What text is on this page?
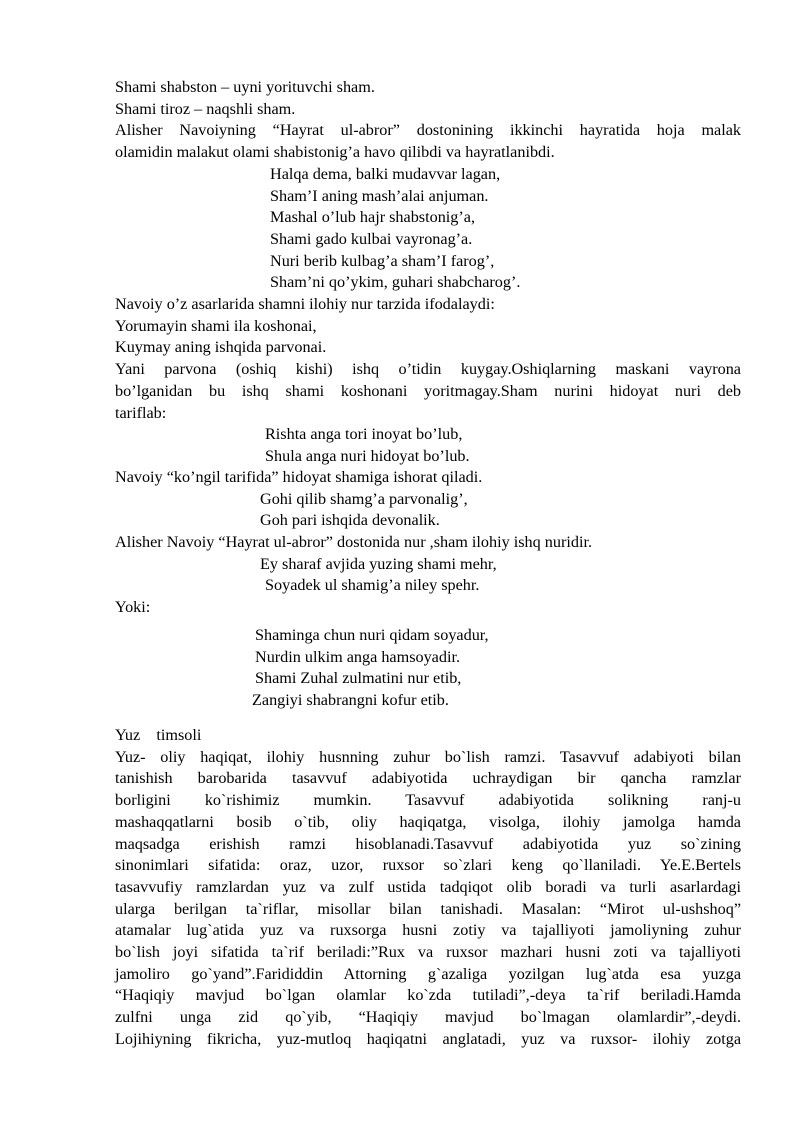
Shami shabston – uyni yorituvchi sham.
Shami tiroz – naqshli sham.
Alisher Navoiyning “Hayrat ul-abror” dostonining ikkinchi hayratida hoja malak
olamidin malakut olami shabistonig’a havo qilibdi va hayratlanibdi.
Halqa dema, balki mudavvar lagan,
Sham’I aning mash’alai anjuman.
Mashal o’lub hajr shabstonig’a,
Shami gado kulbai vayronag’a.
Nuri berib kulbag’a sham’I farog’,
Sham’ni qo’ykim, guhari shabcharog’.
Navoiy o’z asarlarida shamni ilohiy nur tarzida ifodalaydi:
Yorumayin shami ila koshonai,
Kuymay aning ishqida parvonai.
Yani parvona (oshiq kishi) ishq o’tidin kuygay.Oshiqlarning maskani vayrona
bo’lganidan bu ishq shami koshonani yoritmagay.Sham nurini hidoyat nuri deb
tariflab:
Rishta anga tori inoyat bo’lub,
Shula anga nuri hidoyat bo’lub.
Navoiy “ko’ngil tarifida” hidoyat shamiga ishorat qiladi.
Gohi qilib shamg’a parvonalig’,
Goh pari ishqida devonalik.
Alisher Navoiy “Hayrat ul-abror” dostonida nur ,sham ilohiy ishq nuridir.
Ey sharaf avjida yuzing shami mehr,
Soyadek ul shamig’a niley spehr.
Yoki:
Shaminga chun nuri qidam soyadur,
Nurdin ulkim anga hamsoyadir.
Shami Zuhal zulmatini nur etib,
Zangiyi shabrangni kofur etib.
Yuz    timsoli
Yuz- oliy haqiqat, ilohiy husnning zuhur bo`lish ramzi. Tasavvuf adabiyoti bilan
tanishish barobarida tasavvuf adabiyotida uchraydigan bir qancha ramzlar
borligini ko`rishimiz mumkin. Tasavvuf adabiyotida solikning ranj-u
mashaqqatlarni bosib o`tib, oliy haqiqatga, visolga, ilohiy jamolga hamda
maqsadga erishish ramzi hisoblanadi.Tasavvuf adabiyotida yuz so`zining
sinonimlari sifatida: oraz, uzor, ruxsor so`zlari keng qo`llaniladi. Ye.E.Bertels
tasavvufiy ramzlardan yuz va zulf ustida tadqiqot olib boradi va turli asarlardagi
ularga berilgan ta`riflar, misollar bilan tanishadi. Masalan: “Mirot ul-ushshoq”
atamalar lug`atida yuz va ruxsorga husni zotiy va tajalliyoti jamoliyning zuhur
bo`lish joyi sifatida ta`rif beriladi:”Rux va ruxsor mazhari husni zoti va tajalliyoti
jamoliro go`yand”.Farididdin Attorning g`azaliga yozilgan lug`atda esa yuzga
“Haqiqiy mavjud bo`lgan olamlar ko`zda tutiladi”,-deya ta`rif beriladi.Hamda
zulfni unga zid qo`yib, “Haqiqiy mavjud bo`lmagan olamlardir”,-deydi.
Lojihiyning fikricha, yuz-mutloq haqiqatni anglatadi, yuz va ruxsor- ilohiy zotga
